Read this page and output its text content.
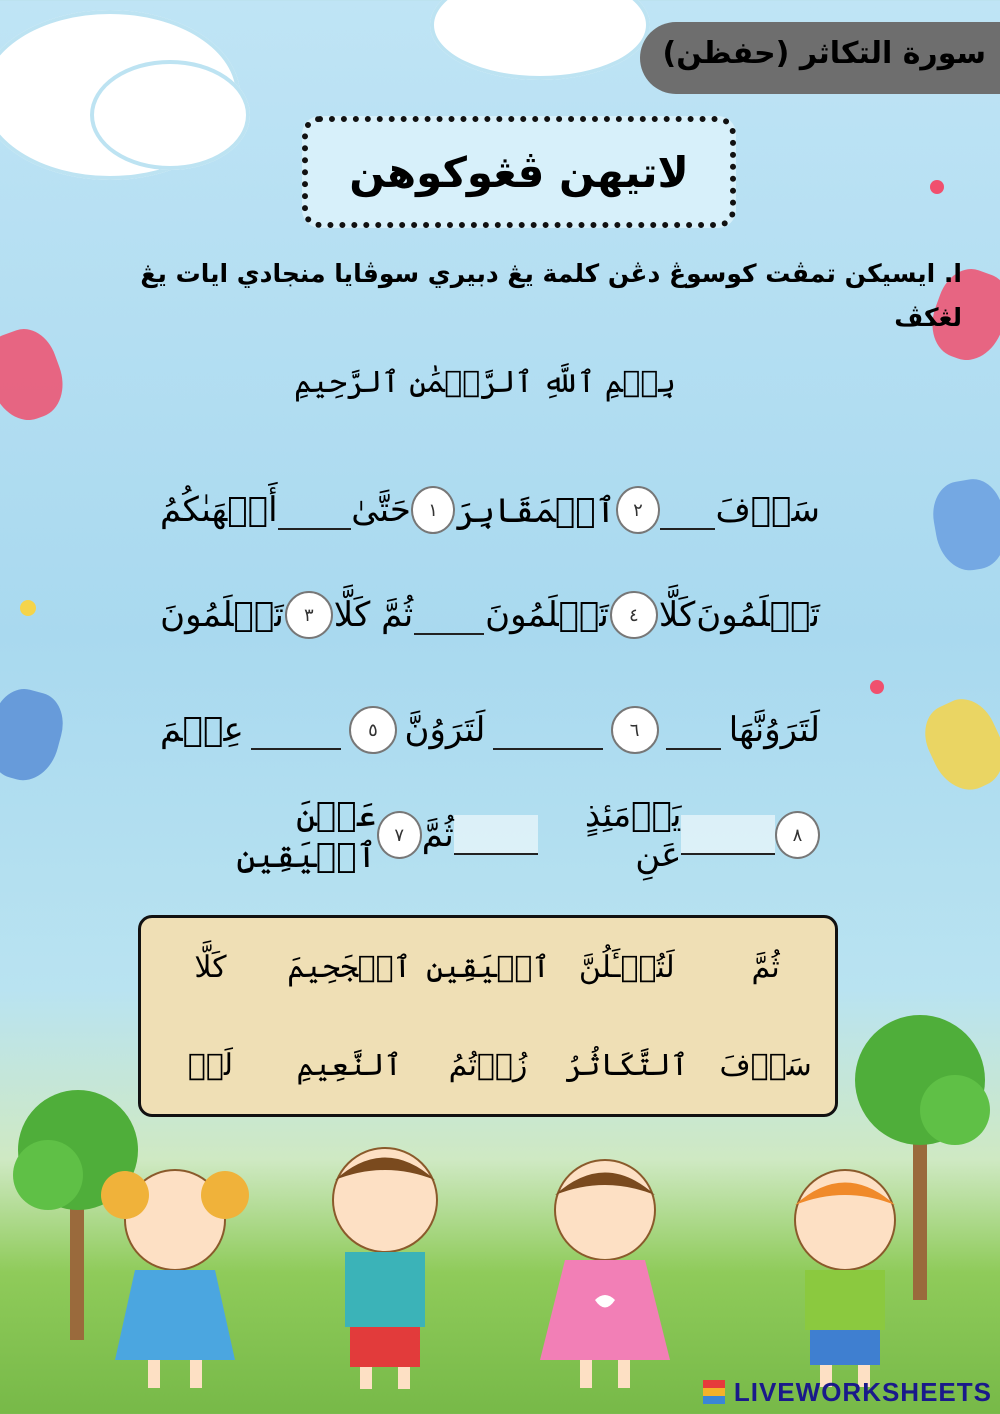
سورة التكاثر (حفظن)
لاتيهن ڤڠوكوهن
ا. ايسيكن تمڤت كوسوڠ دڠن كلمة يڠ دبيري سوڤايا منجادي ايات يڠ لڠكڤ
بِسۡمِ ٱللَّهِ ٱلرَّحۡمَٰنِ ٱلرَّحِيمِ
أَلۡهَىٰكُمُ حَتَّىٰ ١ ٱلۡمَقَابِرَ ٢	سَوۡفَ
تَعۡلَمُونَ	٣ ثُمَّ كَلَّا تَعۡلَمُونَ	٤ كَلَّا تَعۡلَمُونَ
عِلۡمَ	٥ لَتَرَوُنَّ	٦	لَتَرَوُنَّهَا
عَيۡنَ ٱلۡيَقِينِ
٧ ثُمَّ	يَوۡمَئِذٍ عَنِ	٨
ثُمَّ
لَتُسۡـَٔلُنَّ
ٱلۡيَقِينِ
ٱلۡجَحِيمَ
كَلَّا
سَوۡفَ
ٱلتَّكَاثُرُ
زُرۡتُمُ
ٱلنَّعِيمِ
لَوۡ
LIVEWORKSHEETS
